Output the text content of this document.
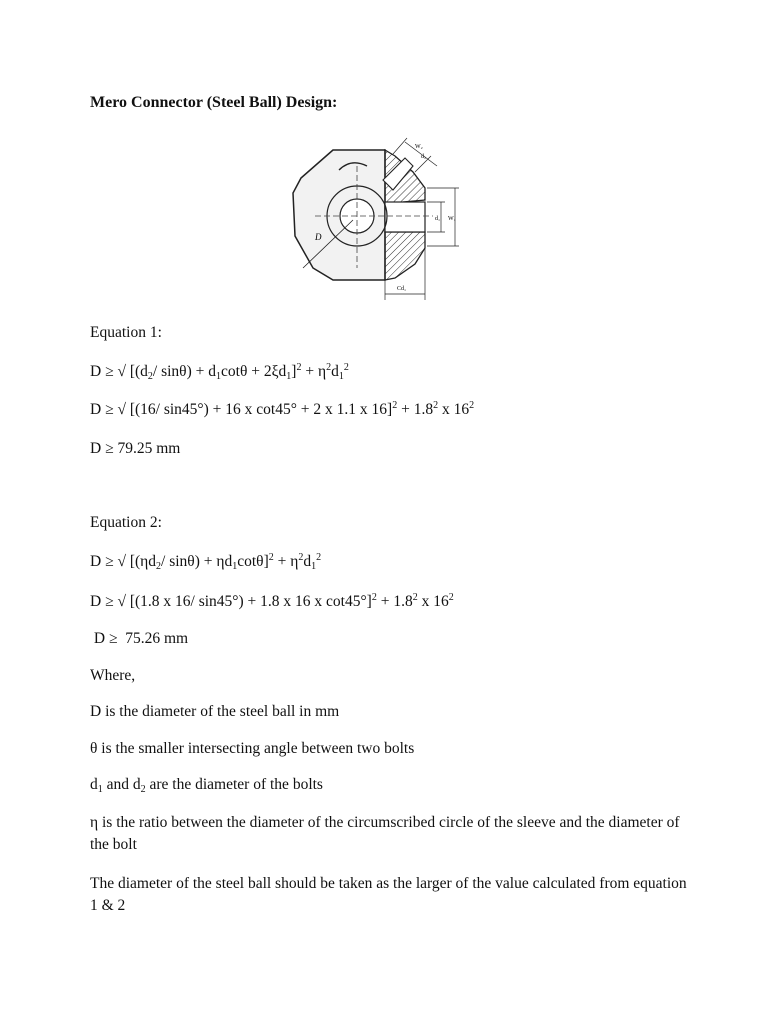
Mero Connector (Steel Ball) Design:
D
d₁ W₁
W₂
d₂
Cd₁
Equation 1:
D ≥ √ [($d_2/$ $\sin\theta) + d_1\cot\theta + 2\xi d_1]^2 + \eta^2d_1^2$
D ≥ √ [(16/ sin45°) + 16 x cot45° + 2 x 1.1 x $16]^2 + 1.8^2$ x $16^2$
D ≥ 79.25 mm
Equation 2:
D ≥ √ [($\eta d_2/$ $\sin\theta) + \eta d_1\cot\theta]^2 + \eta^2d_1^2$
D ≥ √ [(1.8 x 16/ sin45°) + 1.8 x 16 x $\cot 45^\circ]^2 + 1.8^2$ x $16^2$
D ≥  75.26 mm
Where,
D is the diameter of the steel ball in mm
θ is the smaller intersecting angle between two bolts
$d_1$ and $d_2$ are the diameter of the bolts
η is the ratio between the diameter of the circumscribed circle of the sleeve and the diameter of the bolt
The diameter of the steel ball should be taken as the larger of the value calculated from equation 1 & 2
